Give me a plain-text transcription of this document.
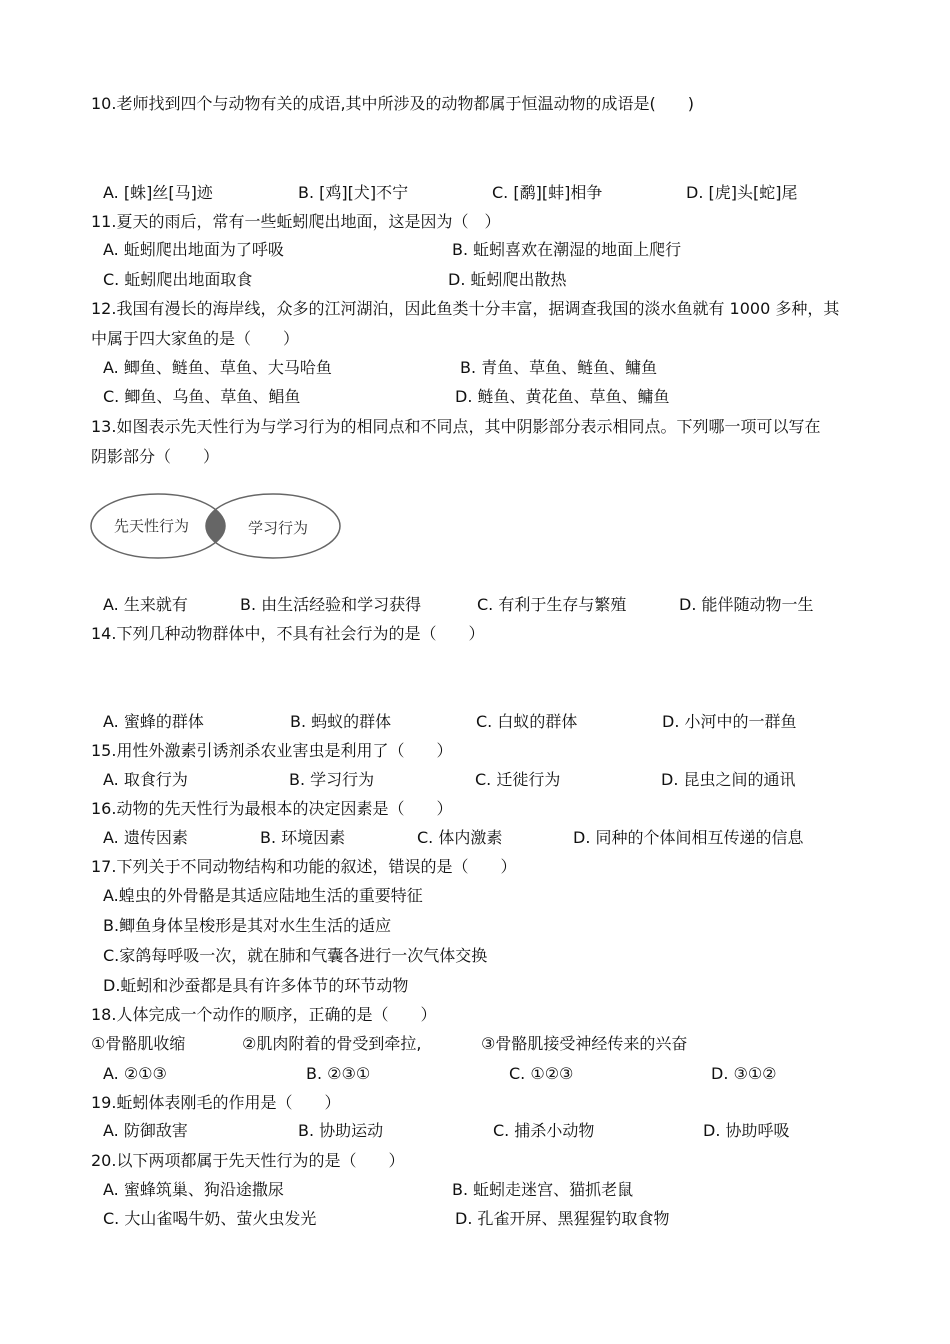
10.老师找到四个与动物有关的成语,其中所涉及的动物都属于恒温动物的成语是(　　)
A. [蛛]丝[马]迹	B. [鸡][犬]不宁	C. [鹬][蚌]相争	D. [虎]头[蛇]尾
11.夏天的雨后，常有一些蚯蚓爬出地面，这是因为（　）
A. 蚯蚓爬出地面为了呼吸	B. 蚯蚓喜欢在潮湿的地面上爬行
C. 蚯蚓爬出地面取食	D. 蚯蚓爬出散热
12.我国有漫长的海岸线，众多的江河湖泊，因此鱼类十分丰富，据调查我国的淡水鱼就有 1000 多种，其
中属于四大家鱼的是（　　）
A. 鲫鱼、鲢鱼、草鱼、大马哈鱼	B. 青鱼、草鱼、鲢鱼、鳙鱼
C. 鲫鱼、乌鱼、草鱼、鲳鱼	D. 鲢鱼、黄花鱼、草鱼、鳙鱼
13.如图表示先天性行为与学习行为的相同点和不同点，其中阴影部分表示相同点。下列哪一项可以写在
阴影部分（　　）
先天性行为	学习行为
A. 生来就有	B. 由生活经验和学习获得	C. 有利于生存与繁殖	D. 能伴随动物一生
14.下列几种动物群体中，不具有社会行为的是（　　）
A. 蜜蜂的群体	B. 蚂蚁的群体	C. 白蚁的群体	D. 小河中的一群鱼
15.用性外激素引诱剂杀农业害虫是利用了（　　）
A. 取食行为	B. 学习行为	C. 迁徙行为	D. 昆虫之间的通讯
16.动物的先天性行为最根本的决定因素是（　　）
A. 遗传因素	B. 环境因素	C. 体内激素	D. 同种的个体间相互传递的信息
17.下列关于不同动物结构和功能的叙述，错误的是（　　）
A.蝗虫的外骨骼是其适应陆地生活的重要特征
B.鲫鱼身体呈梭形是其对水生生活的适应
C.家鸽每呼吸一次，就在肺和气囊各进行一次气体交换
D.蚯蚓和沙蚕都是具有许多体节的环节动物
18.人体完成一个动作的顺序，正确的是（　　）
①骨骼肌收缩	②肌肉附着的骨受到牵拉,	③骨骼肌接受神经传来的兴奋
A. ②①③	B. ②③①	C. ①②③	D. ③①②
19.蚯蚓体表刚毛的作用是（　　）
A. 防御敌害	B. 协助运动	C. 捕杀小动物	D. 协助呼吸
20.以下两项都属于先天性行为的是（　　）
A. 蜜蜂筑巢、狗沿途撒尿	B. 蚯蚓走迷宫、猫抓老鼠
C. 大山雀喝牛奶、萤火虫发光	D. 孔雀开屏、黑猩猩钓取食物
